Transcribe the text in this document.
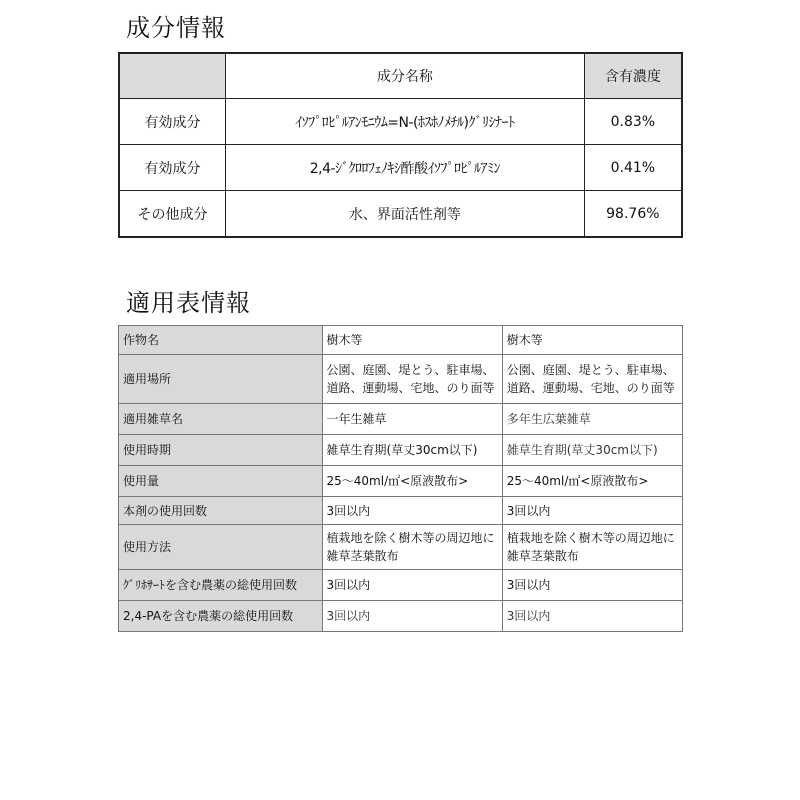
成分情報
	成分名称	含有濃度
有効成分	ｲｿﾌﾟﾛﾋﾟﾙｱﾝﾓﾆｳﾑ=N-(ﾎｽﾎﾉﾒﾁﾙ)ｸﾞﾘｼﾅｰﾄ	0.83%
有効成分	2,4-ｼﾞｸﾛﾛﾌｪﾉｷｼ酢酸ｲｿﾌﾟﾛﾋﾟﾙｱﾐﾝ	0.41%
その他成分	水、界面活性剤等	98.76%
適用表情報
作物名	樹木等	樹木等
適用場所	公園、庭園、堤とう、駐車場、道路、運動場、宅地、のり面等	公園、庭園、堤とう、駐車場、道路、運動場、宅地、のり面等
適用雑草名	一年生雑草	多年生広葉雑草
使用時期	雑草生育期(草丈30cm以下)	雑草生育期(草丈30cm以下)
使用量	25～40ml/㎡<原液散布>	25～40ml/㎡<原液散布>
本剤の使用回数	3回以内	3回以内
使用方法	植栽地を除く樹木等の周辺地に雑草茎葉散布	植栽地を除く樹木等の周辺地に雑草茎葉散布
ｸﾞﾘﾎｻｰﾄを含む農薬の総使用回数	3回以内	3回以内
2,4-PAを含む農薬の総使用回数	3回以内	3回以内
